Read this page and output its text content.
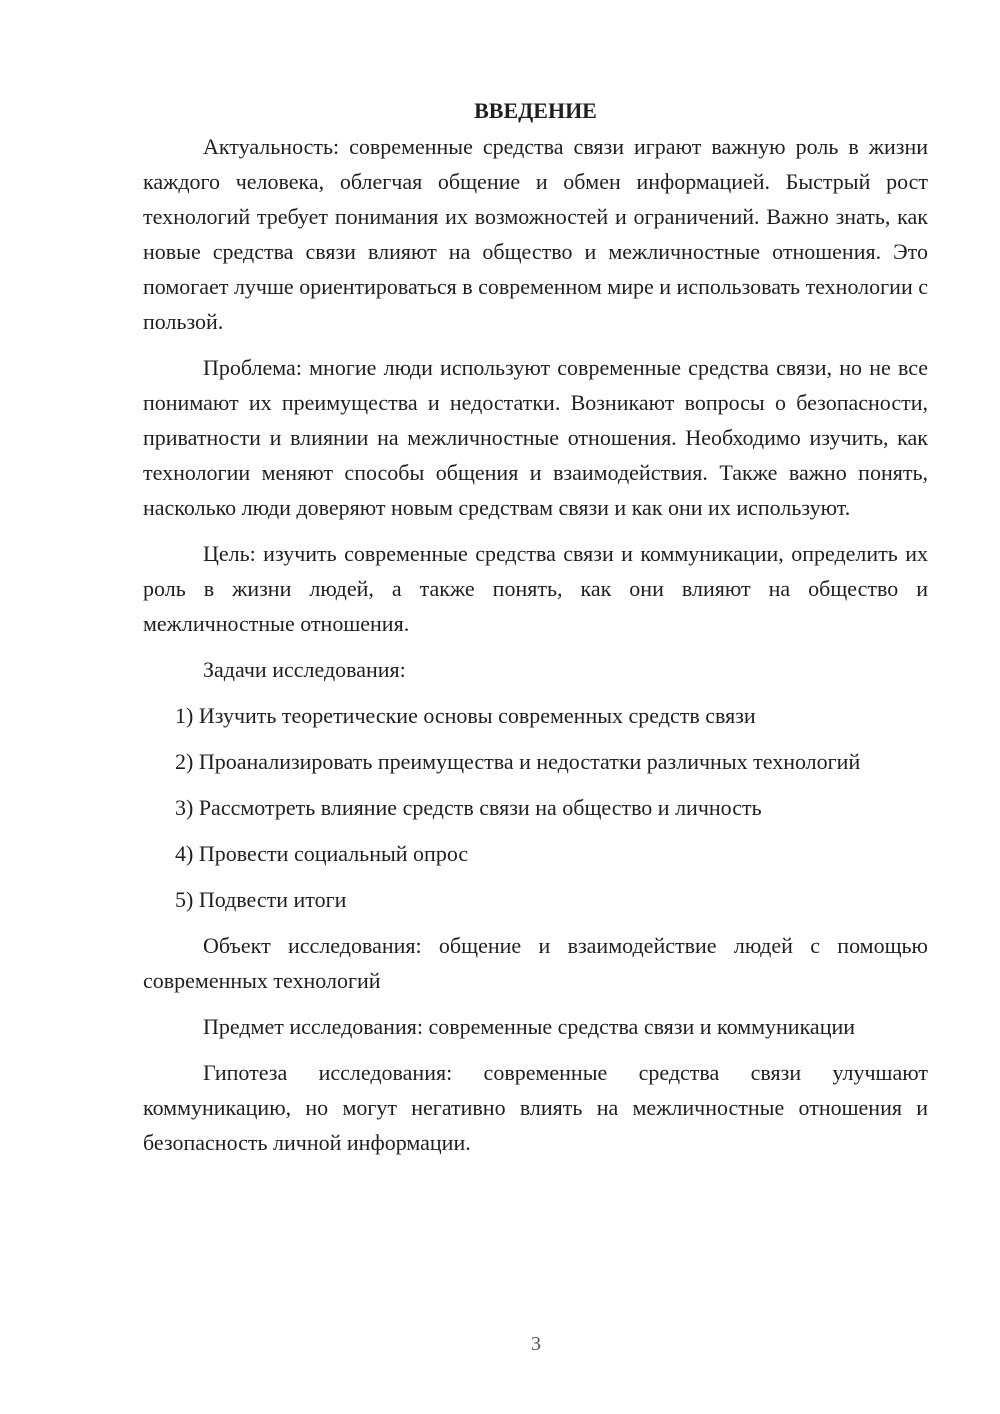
ВВЕДЕНИЕ

Актуальность: современные средства связи играют важную роль в жизни каждого человека, облегчая общение и обмен информацией. Быстрый рост технологий требует понимания их возможностей и ограничений. Важно знать, как новые средства связи влияют на общество и межличностные отношения. Это помогает лучше ориентироваться в современном мире и использовать технологии с пользой.

Проблема: многие люди используют современные средства связи, но не все понимают их преимущества и недостатки. Возникают вопросы о безопасности, приватности и влиянии на межличностные отношения. Необходимо изучить, как технологии меняют способы общения и взаимодействия. Также важно понять, насколько люди доверяют новым средствам связи и как они их используют.

Цель: изучить современные средства связи и коммуникации, определить их роль в жизни людей, а также понять, как они влияют на общество и межличностные отношения.

Задачи исследования:

1) Изучить теоретические основы современных средств связи

2) Проанализировать преимущества и недостатки различных технологий

3) Рассмотреть влияние средств связи на общество и личность

4) Провести социальный опрос

5) Подвести итоги

Объект исследования: общение и взаимодействие людей с помощью современных технологий

Предмет исследования: современные средства связи и коммуникации

Гипотеза исследования: современные средства связи улучшают коммуникацию, но могут негативно влиять на межличностные отношения и безопасность личной информации.

3
